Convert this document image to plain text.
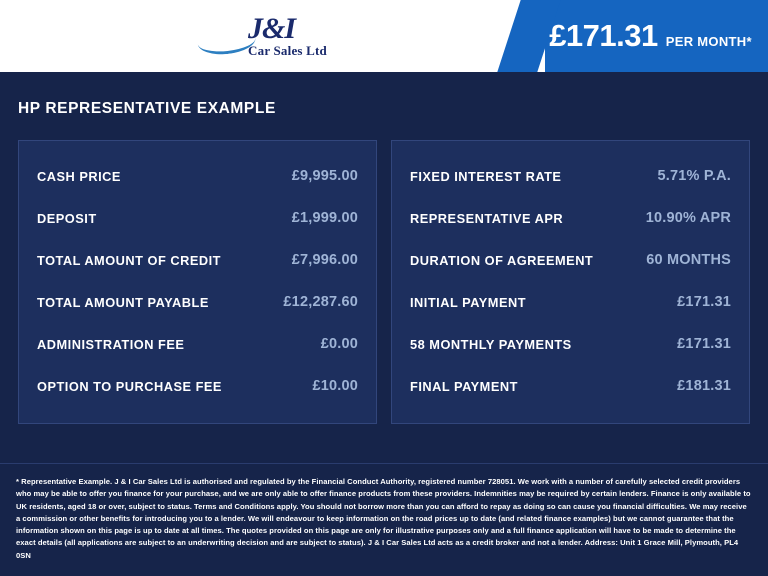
J&I
Car Sales Ltd	£171.31 PER MONTH*
HP REPRESENTATIVE EXAMPLE
CASH PRICE	£9,995.00
DEPOSIT	£1,999.00
TOTAL AMOUNT OF CREDIT	£7,996.00
TOTAL AMOUNT PAYABLE	£12,287.60
ADMINISTRATION FEE	£0.00
OPTION TO PURCHASE FEE	£10.00
FIXED INTEREST RATE	5.71% P.A.
REPRESENTATIVE APR	10.90% APR
DURATION OF AGREEMENT	60 MONTHS
INITIAL PAYMENT	£171.31
58 MONTHLY PAYMENTS	£171.31
FINAL PAYMENT	£181.31
* Representative Example. J & I Car Sales Ltd is authorised and regulated by the Financial Conduct Authority, registered number 728051. We work with a number of carefully selected credit providers who may be able to offer you finance for your purchase, and we are only able to offer finance products from these providers. Indemnities may be required by certain lenders. Finance is only available to UK residents, aged 18 or over, subject to status. Terms and Conditions apply. You should not borrow more than you can afford to repay as doing so can cause you financial difficulties. We may receive a commission or other benefits for introducing you to a lender. We will endeavour to keep information on the road prices up to date (and related finance examples) but we cannot guarantee that the information shown on this page is up to date at all times. The quotes provided on this page are only for illustrative purposes only and a full finance application will have to be made to determine the exact details (all applications are subject to an underwriting decision and are subject to status). J & I Car Sales Ltd acts as a credit broker and not a lender. Address: Unit 1 Grace Mill, Plymouth, PL4 0SN
